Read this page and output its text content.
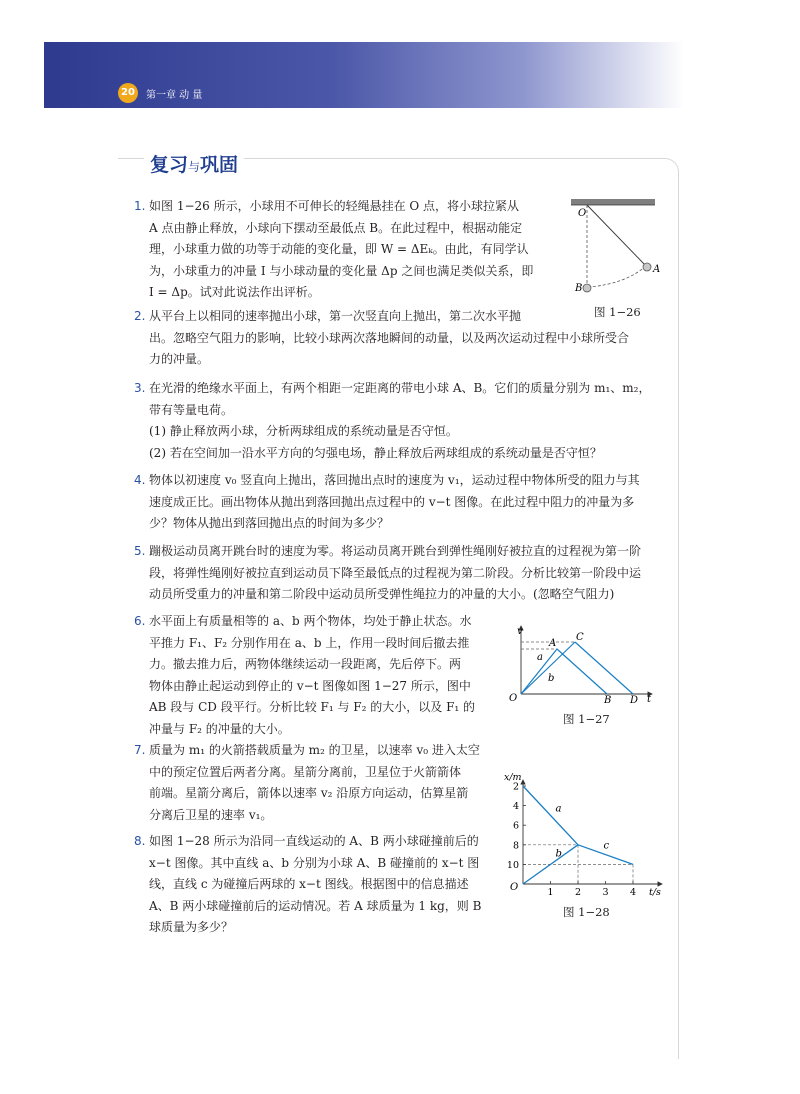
20	第一章 动 量
复习与巩固
1. 如图 1−26 所示，小球用不可伸长的轻绳悬挂在 O 点，将小球拉紧从

A 点由静止释放，小球向下摆动至最低点 B。在此过程中，根据动能定

理，小球重力做的功等于动能的变化量，即 W = ΔEₖ。由此，有同学认

为，小球重力的冲量 I 与小球动量的变化量 Δp 之间也满足类似关系，即

I = Δp。试对此说法作出评析。

O
A
B
图 1−26
2. 从平台上以相同的速率抛出小球，第一次竖直向上抛出，第二次水平抛

出。忽略空气阻力的影响，比较小球两次落地瞬间的动量，以及两次运动过程中小球所受合

力的冲量。

3. 在光滑的绝缘水平面上，有两个相距一定距离的带电小球 A、B。它们的质量分别为 m₁、m₂，

带有等量电荷。

(1) 静止释放两小球，分析两球组成的系统动量是否守恒。

(2) 若在空间加一沿水平方向的匀强电场，静止释放后两球组成的系统动量是否守恒？

4. 物体以初速度 v₀ 竖直向上抛出，落回抛出点时的速度为 v₁，运动过程中物体所受的阻力与其

速度成正比。画出物体从抛出到落回抛出点过程中的 v−t 图像。在此过程中阻力的冲量为多

少？物体从抛出到落回抛出点的时间为多少？

5. 蹦极运动员离开跳台时的速度为零。将运动员离开跳台到弹性绳刚好被拉直的过程视为第一阶

段，将弹性绳刚好被拉直到运动员下降至最低点的过程视为第二阶段。分析比较第一阶段中运

动员所受重力的冲量和第二阶段中运动员所受弹性绳拉力的冲量的大小。(忽略空气阻力)

6. 水平面上有质量相等的 a、b 两个物体，均处于静止状态。水

平推力 F₁、F₂ 分别作用在 a、b 上，作用一段时间后撤去推

力。撤去推力后，两物体继续运动一段距离，先后停下。两

物体由静止起运动到停止的 v−t 图像如图 1−27 所示，图中

AB 段与 CD 段平行。分析比较 F₁ 与 F₂ 的大小，以及 F₁ 的

冲量与 F₂ 的冲量的大小。

v
t
O
A
C
B D
a
b
图 1−27
7. 质量为 m₁ 的火箭搭载质量为 m₂ 的卫星，以速率 v₀ 进入太空

中的预定位置后两者分离。星箭分离前，卫星位于火箭箭体

前端。星箭分离后，箭体以速率 v₂ 沿原方向运动，估算星箭

分离后卫星的速率 v₁。

8. 如图 1−28 所示为沿同一直线运动的 A、B 两小球碰撞前后的

x−t 图像。其中直线 a、b 分别为小球 A、B 碰撞前的 x−t 图

线，直线 c 为碰撞后两球的 x−t 图线。根据图中的信息描述

A、B 两小球碰撞前后的运动情况。若 A 球质量为 1 kg，则 B

球质量为多少？

x/m
t/s
O
10
8
6
4
2
1 2 3 4
a
b
c
图 1−28
